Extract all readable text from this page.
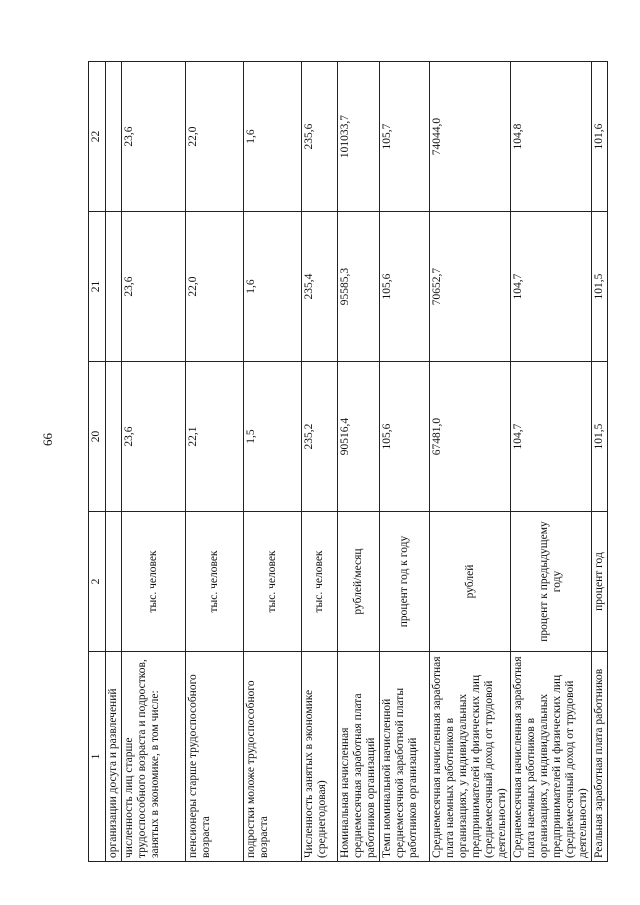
66
1	2	20	21	22
организации досуга и развлечений				
численность лиц старше трудоспособного возраста и подростков, занятых в экономике, в том числе:	тыс. человек	23,6	23,6	23,6
пенсионеры старше трудоспособного возраста	тыс. человек	22,1	22,0	22,0
подростки моложе трудоспособного возраста	тыс. человек	1,5	1,6	1,6
Численность занятых в экономике (среднегодовая)	тыс. человек	235,2	235,4	235,6
Номинальная начисленная среднемесячная заработная плата работников организаций	рублей/месяц	90516,4	95585,3	101033,7
Темп номинальной начисленной среднемесячной заработной платы работников организаций	процент год к году	105,6	105,6	105,7
Среднемесячная начисленная заработная плата наемных работников в организациях, у индивидуальных предпринимателей и физических лиц (среднемесячный доход от трудовой деятельности)	рублей	67481,0	70652,7	74044,0
Среднемесячная начисленная заработная плата наемных работников в организациях, у индивидуальных предпринимателей и физических лиц (среднемесячный доход от трудовой деятельности)	процент к предыдущему году	104,7	104,7	104,8
Реальная заработная плата работников	процент год	101,5	101,5	101,6
